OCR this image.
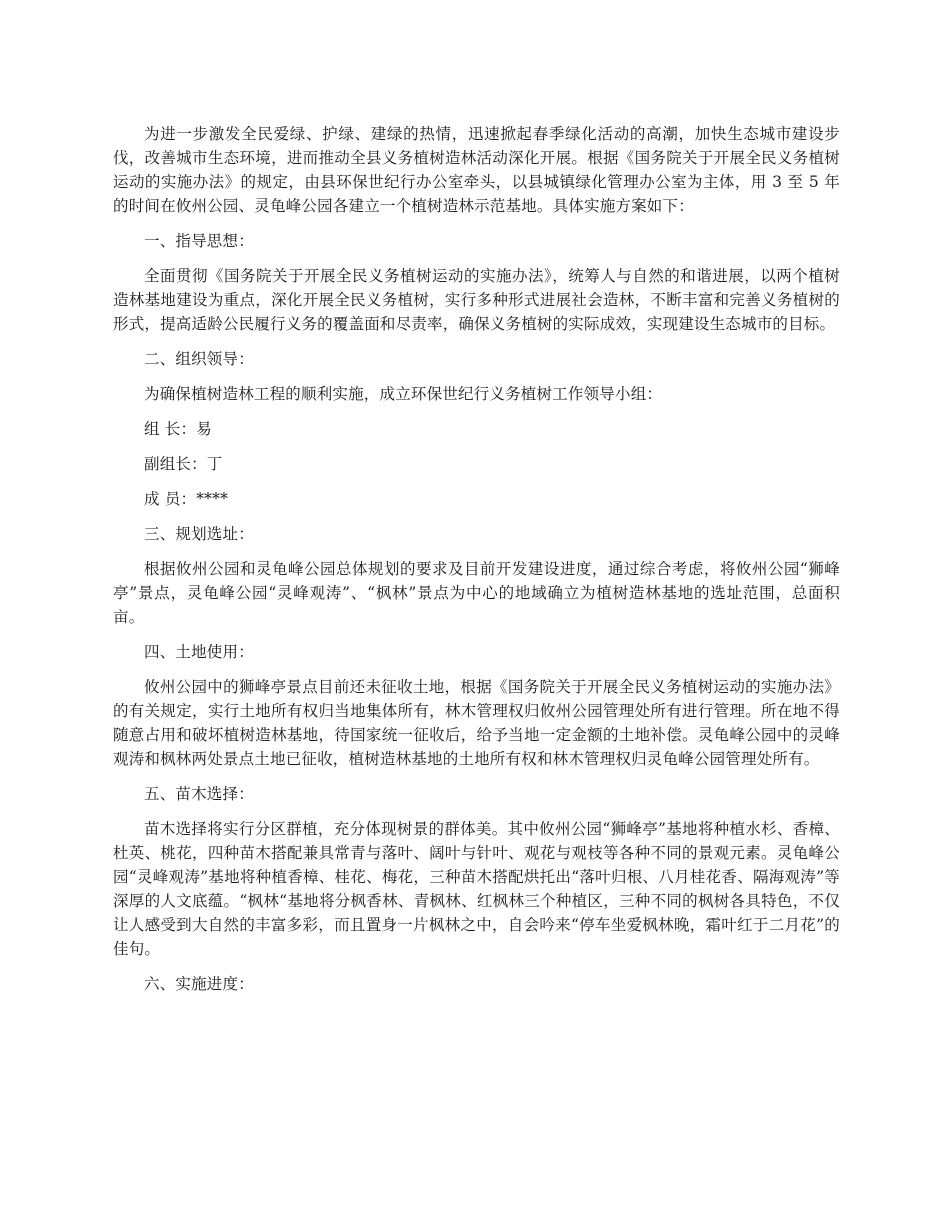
为进一步激发全民爱绿、护绿、建绿的热情，迅速掀起春季绿化活动的高潮，加快生态城市建设步伐，改善城市生态环境，进而推动全县义务植树造林活动深化开展。根据《国务院关于开展全民义务植树运动的实施办法》的规定，由县环保世纪行办公室牵头，以县城镇绿化管理办公室为主体，用 3 至 5 年的时间在攸州公园、灵龟峰公园各建立一个植树造林示范基地。具体实施方案如下：

一、指导思想：

全面贯彻《国务院关于开展全民义务植树运动的实施办法》，统筹人与自然的和谐进展，以两个植树造林基地建设为重点，深化开展全民义务植树，实行多种形式进展社会造林，不断丰富和完善义务植树的形式，提高适龄公民履行义务的覆盖面和尽责率，确保义务植树的实际成效，实现建设生态城市的目标。

二、组织领导：

为确保植树造林工程的顺利实施，成立环保世纪行义务植树工作领导小组：

组 长：易

副组长：丁

成 员：****

三、规划选址：

根据攸州公园和灵龟峰公园总体规划的要求及目前开发建设进度，通过综合考虑，将攸州公园“狮峰亭”景点，灵龟峰公园“灵峰观涛”、“枫林”景点为中心的地域确立为植树造林基地的选址范围，总面积 亩。

四、土地使用：

攸州公园中的狮峰亭景点目前还未征收土地，根据《国务院关于开展全民义务植树运动的实施办法》的有关规定，实行土地所有权归当地集体所有，林木管理权归攸州公园管理处所有进行管理。所在地不得随意占用和破坏植树造林基地，待国家统一征收后，给予当地一定金额的土地补偿。灵龟峰公园中的灵峰观涛和枫林两处景点土地已征收，植树造林基地的土地所有权和林木管理权归灵龟峰公园管理处所有。

五、苗木选择：

苗木选择将实行分区群植，充分体现树景的群体美。其中攸州公园“狮峰亭”基地将种植水杉、香樟、杜英、桃花，四种苗木搭配兼具常青与落叶、阔叶与针叶、观花与观枝等各种不同的景观元素。灵龟峰公园“灵峰观涛”基地将种植香樟、桂花、梅花，三种苗木搭配烘托出“落叶归根、八月桂花香、隔海观涛”等深厚的人文底蕴。“枫林“基地将分枫香林、青枫林、红枫林三个种植区，三种不同的枫树各具特色，不仅让人感受到大自然的丰富多彩，而且置身一片枫林之中，自会吟来“停车坐爱枫林晚，霜叶红于二月花”的佳句。

六、实施进度：
